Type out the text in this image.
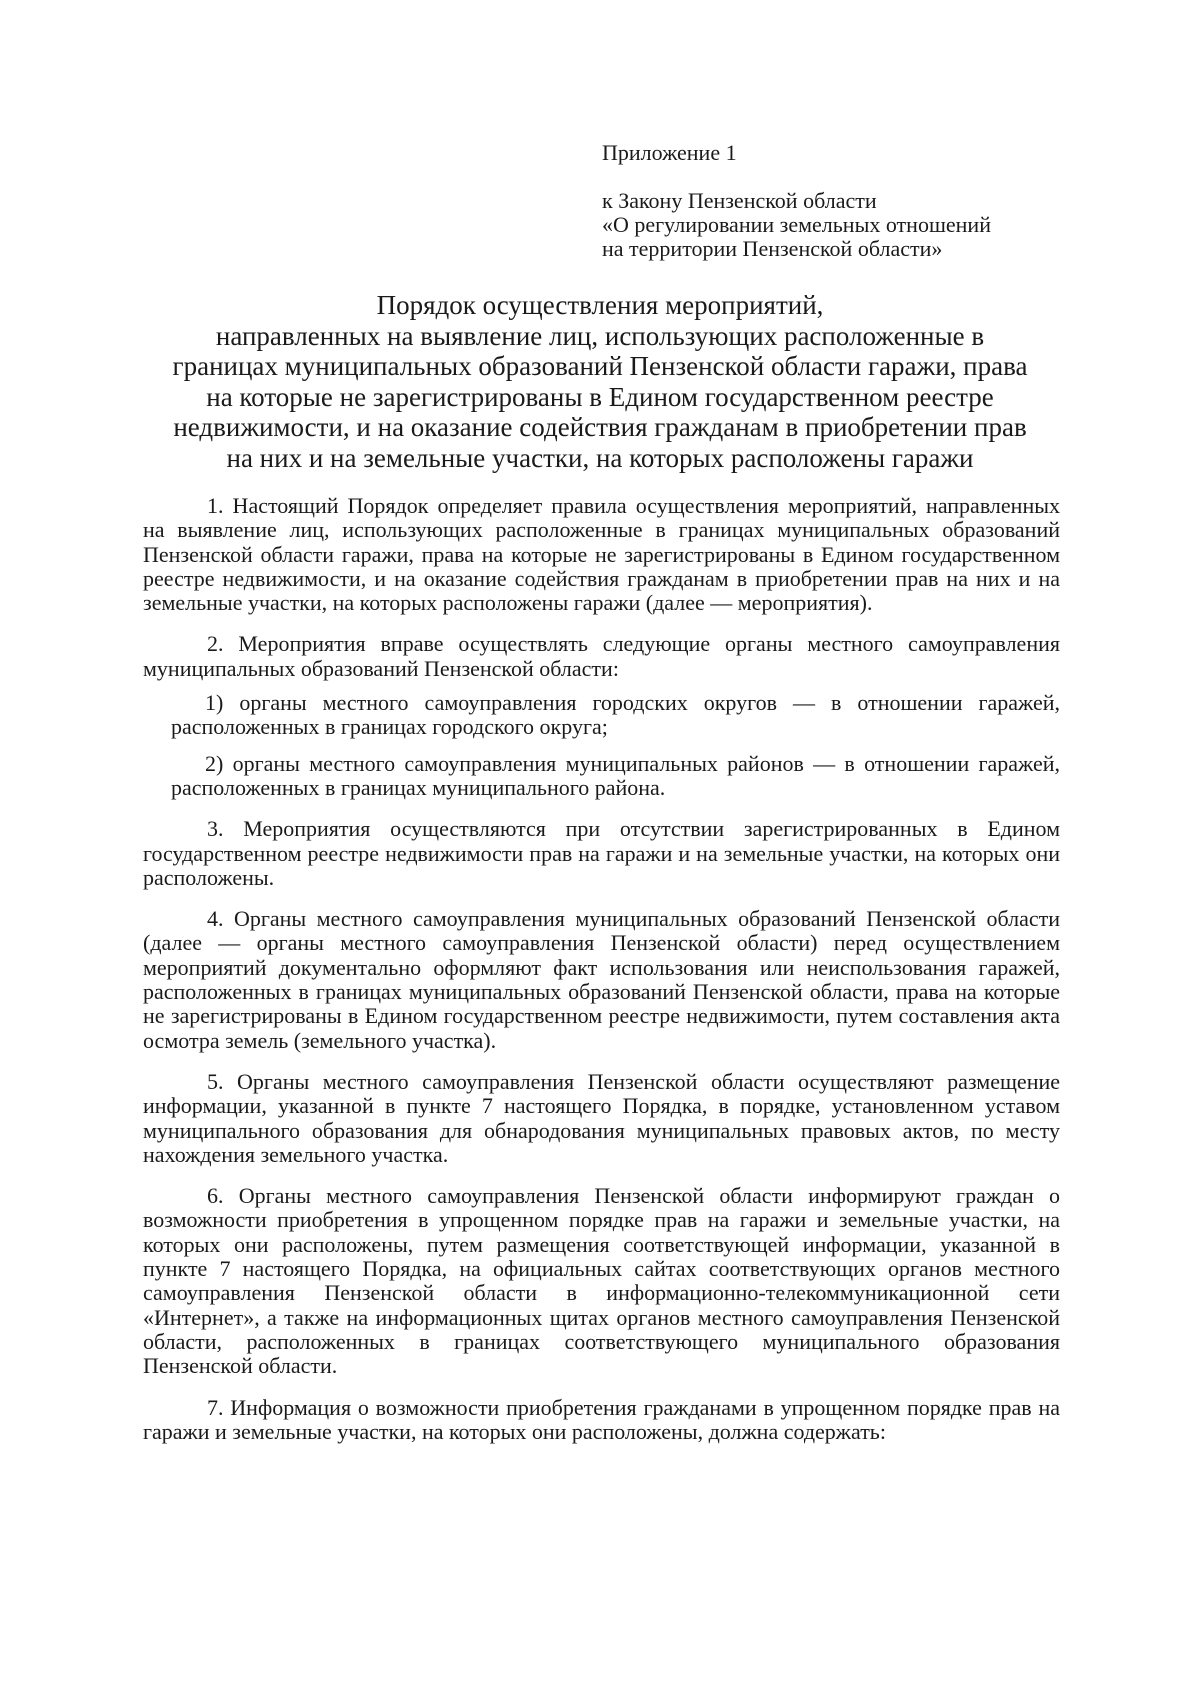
Приложение 1
к Закону Пензенской области
«О регулировании земельных отношений
на территории Пензенской области»
Порядок осуществления мероприятий,
направленных на выявление лиц, использующих расположенные в
границах муниципальных образований Пензенской области гаражи, права
на которые не зарегистрированы в Едином государственном реестре
недвижимости, и на оказание содействия гражданам в приобретении прав
на них и на земельные участки, на которых расположены гаражи

1. Настоящий Порядок определяет правила осуществления мероприятий, направленных на выявление лиц, использующих расположенные в границах муниципальных образований Пензенской области гаражи, права на которые не зарегистрированы в Едином государственном реестре недвижимости, и на оказание содействия гражданам в приобретении прав на них и на земельные участки, на которых расположены гаражи (далее — мероприятия).

2. Мероприятия вправе осуществлять следующие органы местного самоуправления муниципальных образований Пензенской области:

1) органы местного самоуправления городских округов — в отношении гаражей, расположенных в границах городского округа;

2) органы местного самоуправления муниципальных районов — в отношении гаражей, расположенных в границах муниципального района.

3. Мероприятия осуществляются при отсутствии зарегистрированных в Едином государственном реестре недвижимости прав на гаражи и на земельные участки, на которых они расположены.

4. Органы местного самоуправления муниципальных образований Пензенской области (далее — органы местного самоуправления Пензенской области) перед осуществлением мероприятий документально оформляют факт использования или неиспользования гаражей, расположенных в границах муниципальных образований Пензенской области, права на которые не зарегистрированы в Едином государственном реестре недвижимости, путем составления акта осмотра земель (земельного участка).

5. Органы местного самоуправления Пензенской области осуществляют размещение информации, указанной в пункте 7 настоящего Порядка, в порядке, установленном уставом муниципального образования для обнародования муниципальных правовых актов, по месту нахождения земельного участка.

6. Органы местного самоуправления Пензенской области информируют граждан о возможности приобретения в упрощенном порядке прав на гаражи и земельные участки, на которых они расположены, путем размещения соответствующей информации, указанной в пункте 7 настоящего Порядка, на официальных сайтах соответствующих органов местного самоуправления Пензенской области в информационно-телекоммуникационной сети «Интернет», а также на информационных щитах органов местного самоуправления Пензенской области, расположенных в границах соответствующего муниципального образования Пензенской области.

7. Информация о возможности приобретения гражданами в упрощенном порядке прав на гаражи и земельные участки, на которых они расположены, должна содержать:
